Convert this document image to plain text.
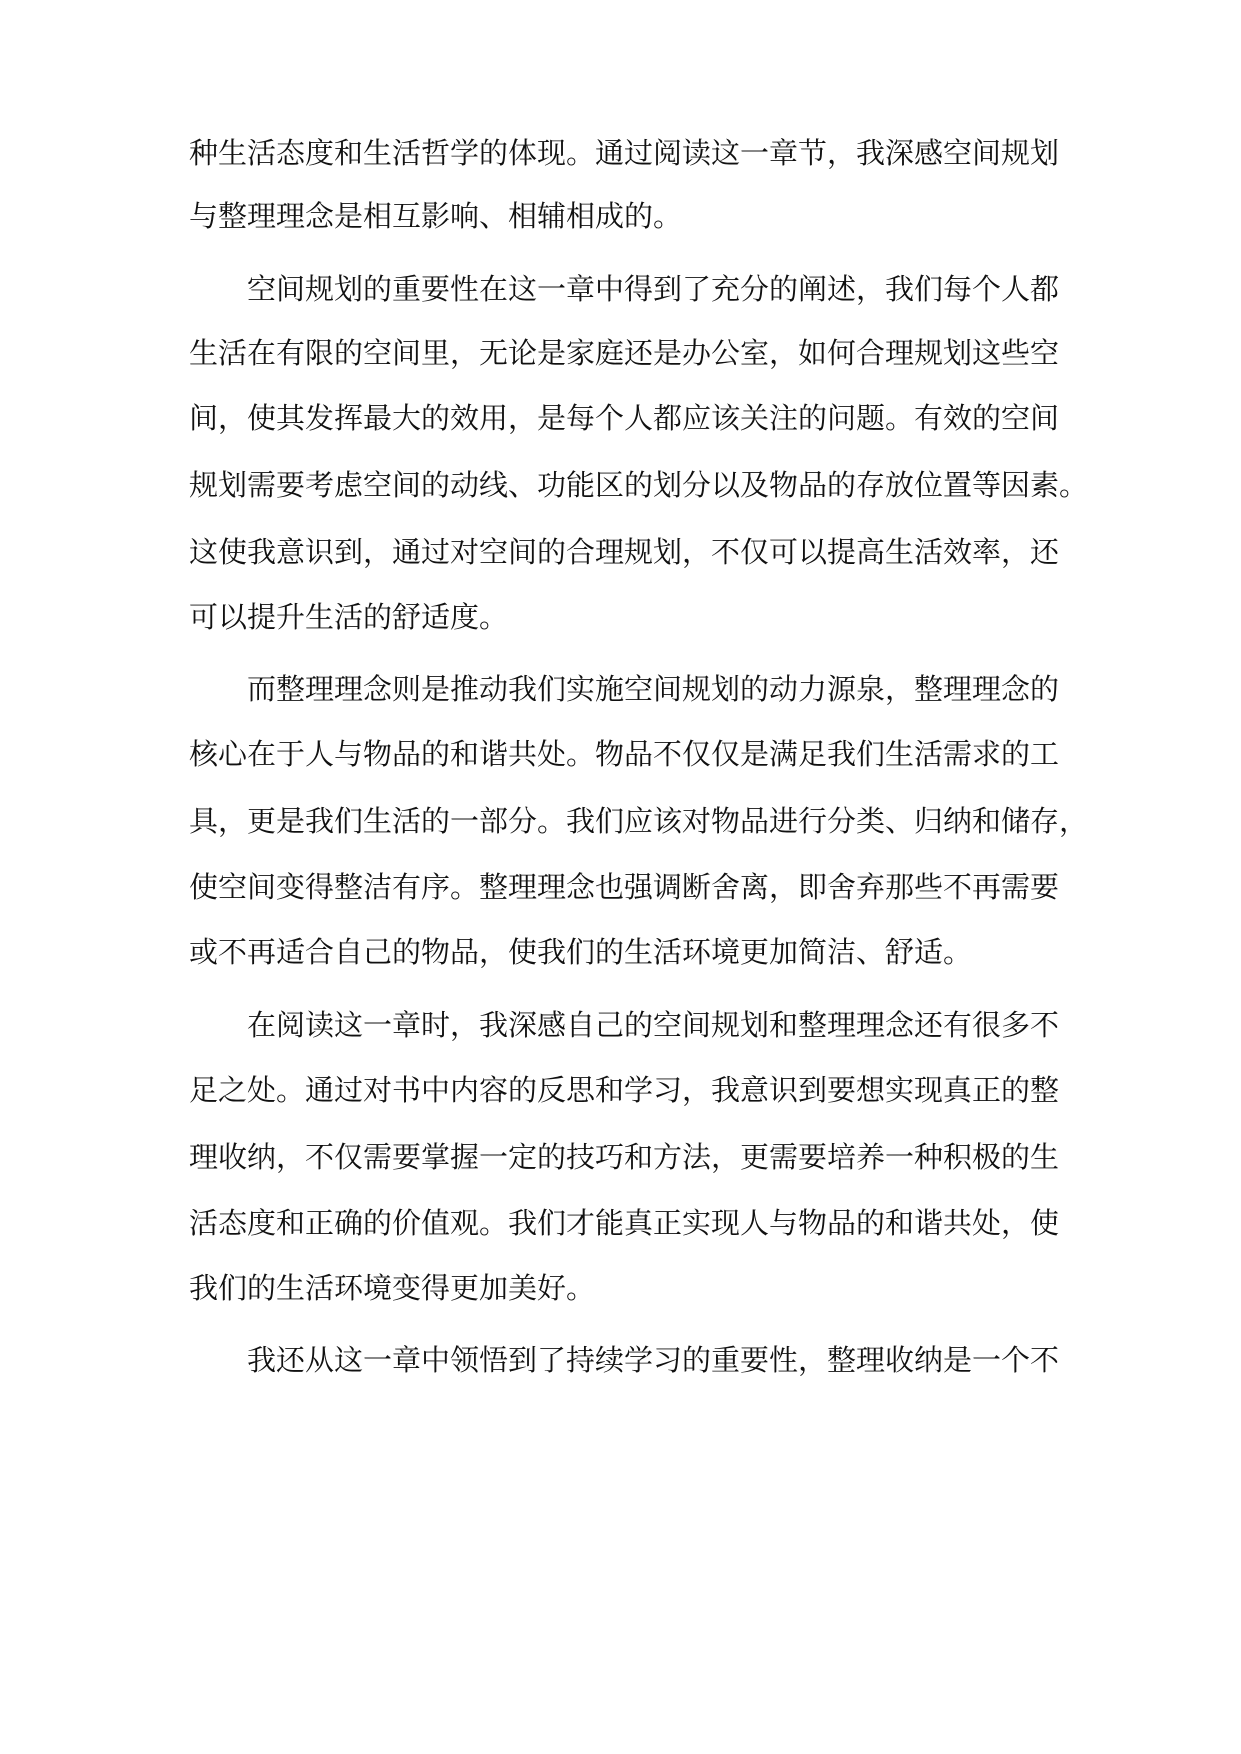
种生活态度和生活哲学的体现。通过阅读这一章节，我深感空间规划
与整理理念是相互影响、相辅相成的。
空间规划的重要性在这一章中得到了充分的阐述，我们每个人都
生活在有限的空间里，无论是家庭还是办公室，如何合理规划这些空
间，使其发挥最大的效用，是每个人都应该关注的问题。有效的空间
规划需要考虑空间的动线、功能区的划分以及物品的存放位置等因素。
这使我意识到，通过对空间的合理规划，不仅可以提高生活效率，还
可以提升生活的舒适度。
而整理理念则是推动我们实施空间规划的动力源泉，整理理念的
核心在于人与物品的和谐共处。物品不仅仅是满足我们生活需求的工
具，更是我们生活的一部分。我们应该对物品进行分类、归纳和储存，
使空间变得整洁有序。整理理念也强调断舍离，即舍弃那些不再需要
或不再适合自己的物品，使我们的生活环境更加简洁、舒适。
在阅读这一章时，我深感自己的空间规划和整理理念还有很多不
足之处。通过对书中内容的反思和学习，我意识到要想实现真正的整
理收纳，不仅需要掌握一定的技巧和方法，更需要培养一种积极的生
活态度和正确的价值观。我们才能真正实现人与物品的和谐共处，使
我们的生活环境变得更加美好。
我还从这一章中领悟到了持续学习的重要性，整理收纳是一个不
